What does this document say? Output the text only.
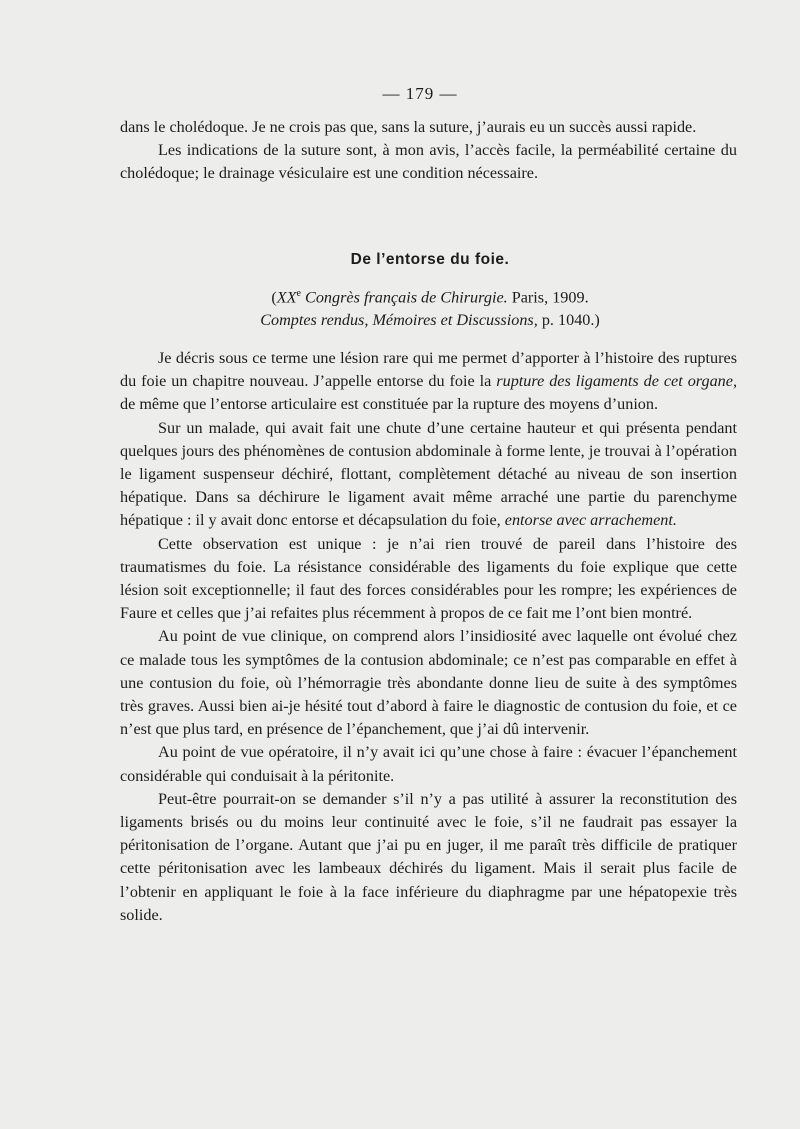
— 179 —

dans le cholédoque. Je ne crois pas que, sans la suture, j’aurais eu un succès aussi rapide.

Les indications de la suture sont, à mon avis, l’accès facile, la perméabilité certaine du cholédoque; le drainage vésiculaire est une condition nécessaire.

De l’entorse du foie.
(XXe Congrès français de Chirurgie. Paris, 1909.
Comptes rendus, Mémoires et Discussions, p. 1040.)

Je décris sous ce terme une lésion rare qui me permet d’apporter à l’histoire des ruptures du foie un chapitre nouveau. J’appelle entorse du foie la rupture des ligaments de cet organe, de même que l’entorse articulaire est constituée par la rupture des moyens d’union.

Sur un malade, qui avait fait une chute d’une certaine hauteur et qui présenta pendant quelques jours des phénomènes de contusion abdominale à forme lente, je trouvai à l’opération le ligament suspenseur déchiré, flottant, complètement détaché au niveau de son insertion hépatique. Dans sa déchirure le ligament avait même arraché une partie du parenchyme hépatique : il y avait donc entorse et décapsulation du foie, entorse avec arrachement.

Cette observation est unique : je n’ai rien trouvé de pareil dans l’histoire des traumatismes du foie. La résistance considérable des ligaments du foie explique que cette lésion soit exceptionnelle; il faut des forces considérables pour les rompre; les expériences de Faure et celles que j’ai refaites plus récemment à propos de ce fait me l’ont bien montré.

Au point de vue clinique, on comprend alors l’insidiosité avec laquelle ont évolué chez ce malade tous les symptômes de la contusion abdominale; ce n’est pas comparable en effet à une contusion du foie, où l’hémorragie très abondante donne lieu de suite à des symptômes très graves. Aussi bien ai-je hésité tout d’abord à faire le diagnostic de contusion du foie, et ce n’est que plus tard, en présence de l’épanchement, que j’ai dû intervenir.

Au point de vue opératoire, il n’y avait ici qu’une chose à faire : évacuer l’épanchement considérable qui conduisait à la péritonite.

Peut-être pourrait-on se demander s’il n’y a pas utilité à assurer la reconstitution des ligaments brisés ou du moins leur continuité avec le foie, s’il ne faudrait pas essayer la péritonisation de l’organe. Autant que j’ai pu en juger, il me paraît très difficile de pratiquer cette péritonisation avec les lambeaux déchirés du ligament. Mais il serait plus facile de l’obtenir en appliquant le foie à la face inférieure du diaphragme par une hépatopexie très solide.
